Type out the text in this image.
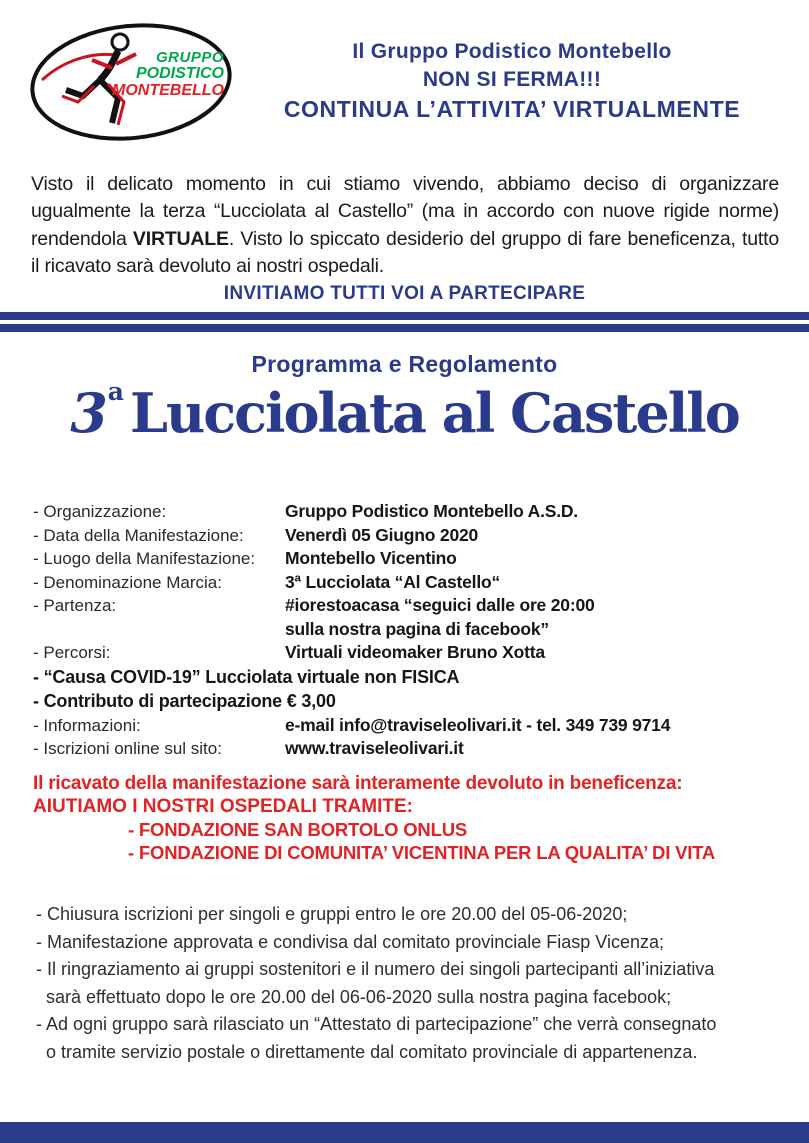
GRUPPO
PODISTICO
MONTEBELLO
Il Gruppo Podistico Montebello
NON SI FERMA!!!
CONTINUA L’ATTIVITA’ VIRTUALMENTE

Visto il delicato momento in cui stiamo vivendo, abbiamo deciso di organizzare ugualmente la terza “Lucciolata al Castello” (ma in accordo con nuove rigide norme) rendendola VIRTUALE. Visto lo spiccato desiderio del gruppo di fare beneficenza, tutto il ricavato sarà devoluto ai nostri ospedali.

INVITIAMO TUTTI VOI A PARTECIPARE
Programma e Regolamento
3$^a$ Lucciolata al Castello
- Organizzazione:	Gruppo Podistico Montebello A.S.D.
- Data della Manifestazione:	Venerdì 05 Giugno 2020
- Luogo della Manifestazione:	Montebello Vicentino
- Denominazione Marcia:	3ª Lucciolata “Al Castello“
- Partenza:	#iorestoacasa “seguici dalle ore 20:00
sulla nostra pagina di facebook”
- Percorsi:	Virtuali videomaker Bruno Xotta
- “Causa COVID-19” Lucciolata virtuale non FISICA
- Contributo di partecipazione € 3,00
- Informazioni:	e-mail info@traviseleolivari.it - tel. 349 739 9714
- Iscrizioni online sul sito:	www.traviseleolivari.it
Il ricavato della manifestazione sarà interamente devoluto in beneficenza:
AIUTIAMO I NOSTRI OSPEDALI TRAMITE:
- FONDAZIONE SAN BORTOLO ONLUS
- FONDAZIONE DI COMUNITA’ VICENTINA PER LA QUALITA’ DI VITA
- Chiusura iscrizioni per singoli e gruppi entro le ore 20.00 del 05-06-2020;
- Manifestazione approvata e condivisa dal comitato provinciale Fiasp Vicenza;
- Il ringraziamento ai gruppi sostenitori e il numero dei singoli partecipanti all’iniziativa
sarà effettuato dopo le ore 20.00 del 06-06-2020 sulla nostra pagina facebook;
- Ad ogni gruppo sarà rilasciato un “Attestato di partecipazione” che verrà consegnato
o tramite servizio postale o direttamente dal comitato provinciale di appartenenza.
